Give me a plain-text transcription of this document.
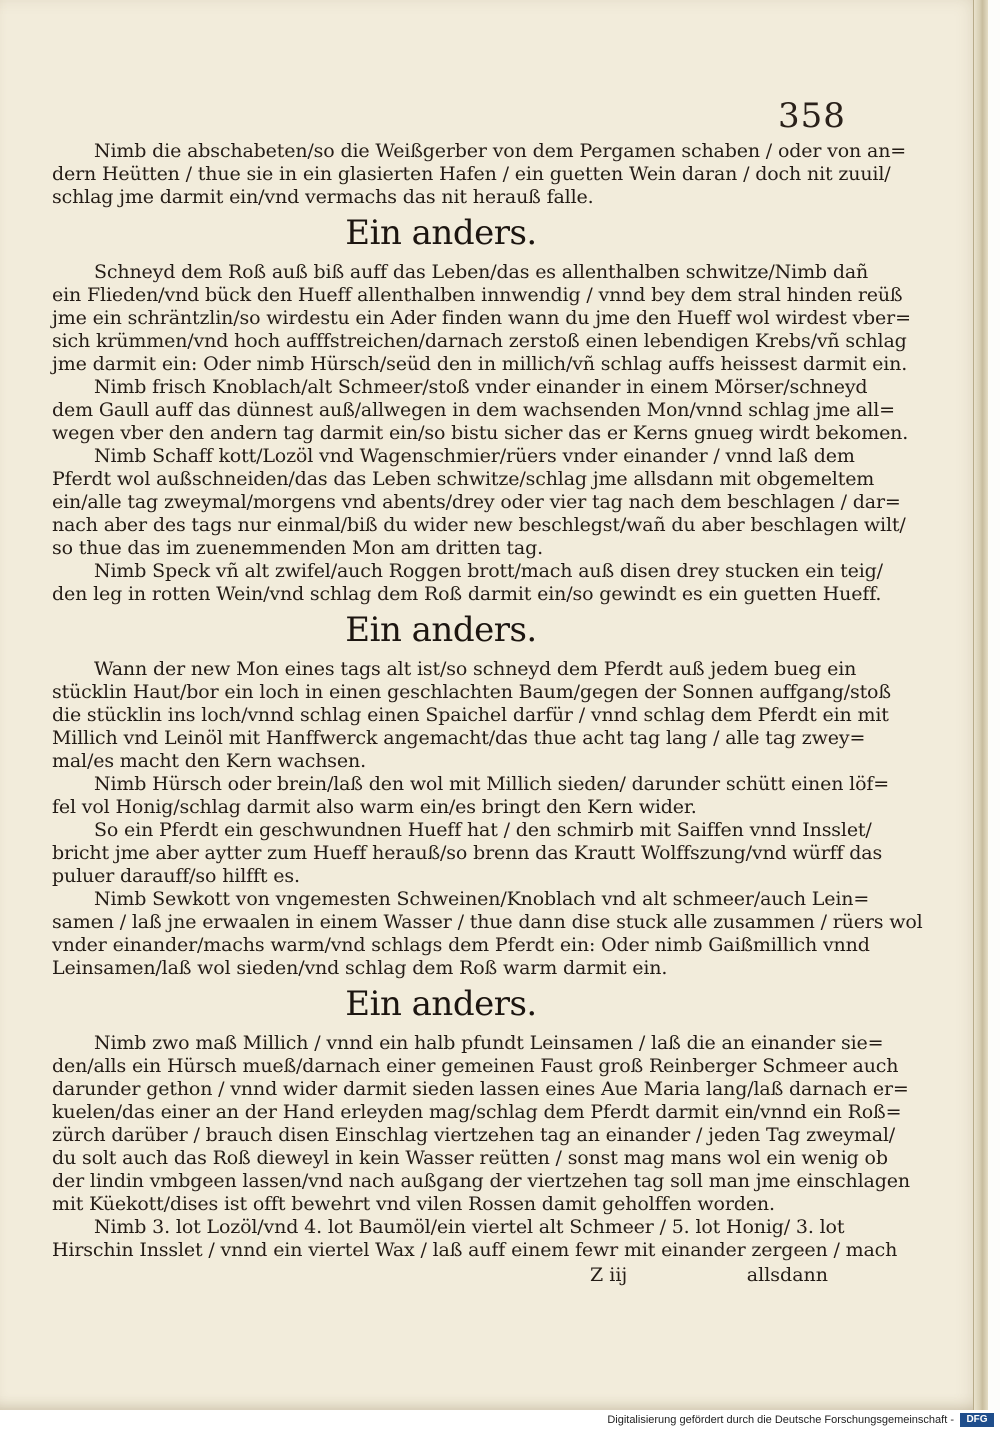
358
Nimb die abschabeten/so die Weißgerber von dem Pergamen schaben / oder von an=
dern Heütten / thue sie in ein glasierten Hafen / ein guetten Wein daran / doch nit zuuil/
schlag jme darmit ein/vnd vermachs das nit herauß falle.
Ein anders.
Schneyd dem Roß auß biß auff das Leben/das es allenthalben schwitze/Nimb dañ
ein Flieden/vnd bück den Hueff allenthalben innwendig / vnnd bey dem stral hinden reüß
jme ein schräntzlin/so wirdestu ein Ader finden wann du jme den Hueff wol wirdest vber=
sich krümmen/vnd hoch aufffstreichen/darnach zerstoß einen lebendigen Krebs/vñ schlag
jme darmit ein: Oder nimb Hürsch/seüd den in millich/vñ schlag auffs heissest darmit ein.
Nimb frisch Knoblach/alt Schmeer/stoß vnder einander in einem Mörser/schneyd
dem Gaull auff das dünnest auß/allwegen in dem wachsenden Mon/vnnd schlag jme all=
wegen vber den andern tag darmit ein/so bistu sicher das er Kerns gnueg wirdt bekomen.
Nimb Schaff kott/Lozöl vnd Wagenschmier/rüers vnder einander / vnnd laß dem
Pferdt wol außschneiden/das das Leben schwitze/schlag jme allsdann mit obgemeltem
ein/alle tag zweymal/morgens vnd abents/drey oder vier tag nach dem beschlagen / dar=
nach aber des tags nur einmal/biß du wider new beschlegst/wañ du aber beschlagen wilt/
so thue das im zuenemmenden Mon am dritten tag.
Nimb Speck vñ alt zwifel/auch Roggen brott/mach auß disen drey stucken ein teig/
den leg in rotten Wein/vnd schlag dem Roß darmit ein/so gewindt es ein guetten Hueff.
Ein anders.
Wann der new Mon eines tags alt ist/so schneyd dem Pferdt auß jedem bueg ein
stücklin Haut/bor ein loch in einen geschlachten Baum/gegen der Sonnen auffgang/stoß
die stücklin ins loch/vnnd schlag einen Spaichel darfür / vnnd schlag dem Pferdt ein mit
Millich vnd Leinöl mit Hanffwerck angemacht/das thue acht tag lang / alle tag zwey=
mal/es macht den Kern wachsen.
Nimb Hürsch oder brein/laß den wol mit Millich sieden/ darunder schütt einen löf=
fel vol Honig/schlag darmit also warm ein/es bringt den Kern wider.
So ein Pferdt ein geschwundnen Hueff hat / den schmirb mit Saiffen vnnd Insslet/
bricht jme aber aytter zum Hueff herauß/so brenn das Krautt Wolffszung/vnd würff das
puluer darauff/so hilfft es.
Nimb Sewkott von vngemesten Schweinen/Knoblach vnd alt schmeer/auch Lein=
samen / laß jne erwaalen in einem Wasser / thue dann dise stuck alle zusammen / rüers wol
vnder einander/machs warm/vnd schlags dem Pferdt ein: Oder nimb Gaißmillich vnnd
Leinsamen/laß wol sieden/vnd schlag dem Roß warm darmit ein.
Ein anders.
Nimb zwo maß Millich / vnnd ein halb pfundt Leinsamen / laß die an einander sie=
den/alls ein Hürsch mueß/darnach einer gemeinen Faust groß Reinberger Schmeer auch
darunder gethon / vnnd wider darmit sieden lassen eines Aue Maria lang/laß darnach er=
kuelen/das einer an der Hand erleyden mag/schlag dem Pferdt darmit ein/vnnd ein Roß=
zürch darüber / brauch disen Einschlag viertzehen tag an einander / jeden Tag zweymal/
du solt auch das Roß dieweyl in kein Wasser reütten / sonst mag mans wol ein wenig ob
der lindin vmbgeen lassen/vnd nach außgang der viertzehen tag soll man jme einschlagen
mit Küekott/dises ist offt bewehrt vnd vilen Rossen damit geholffen worden.
Nimb 3. lot Lozöl/vnd 4. lot Baumöl/ein viertel alt Schmeer / 5. lot Honig/ 3. lot
Hirschin Insslet / vnnd ein viertel Wax / laß auff einem fewr mit einander zergeen / mach
Z iij	allsdann
Digitalisierung gefördert durch die Deutsche Forschungsgemeinschaft -	DFG
